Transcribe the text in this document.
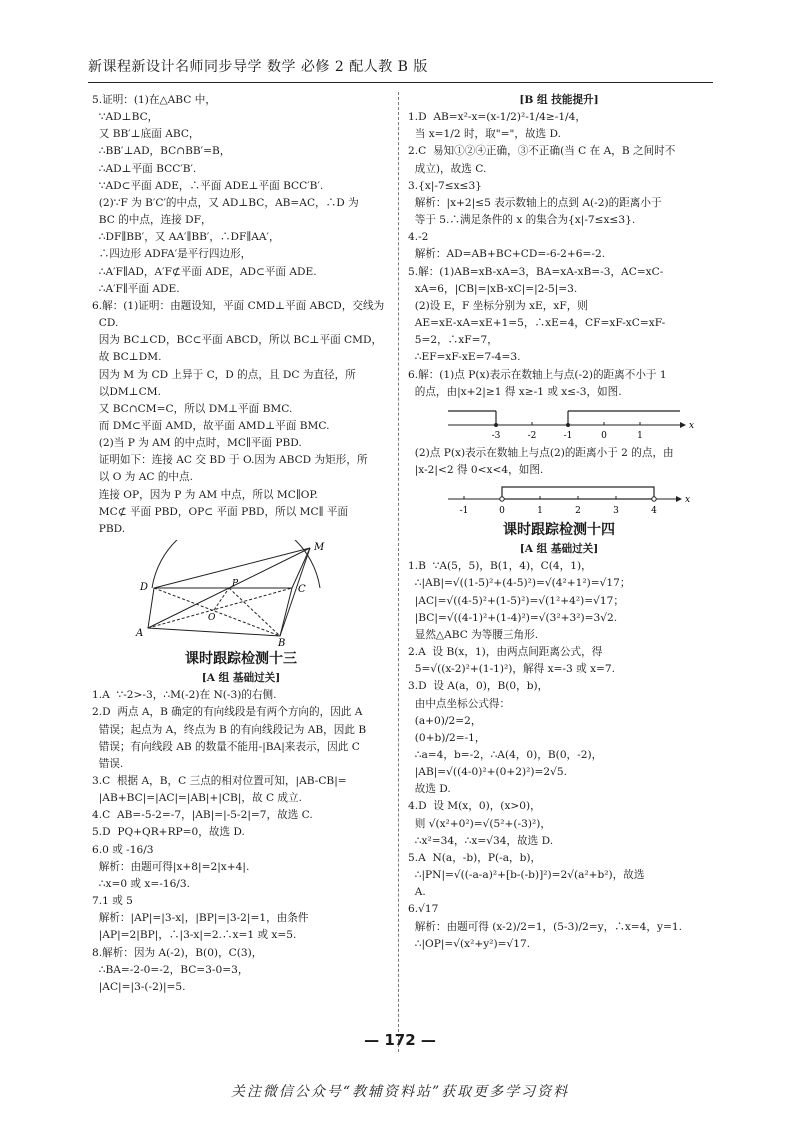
新课程新设计名师同步导学 数学 必修 2 配人教 B 版
5.证明：(1)在△ABC 中，
∵AD⊥BC，
又 BB′⊥底面 ABC，
∴BB′⊥AD，BC∩BB′=B，
∴AD⊥平面 BCC′B′.
∵AD⊂平面 ADE，∴平面 ADE⊥平面 BCC′B′.
(2)∵F 为 B′C′的中点，又 AD⊥BC，AB=AC，∴D 为
BC 的中点，连接 DF，
∴DF∥BB′，又 AA′∥BB′，∴DF∥AA′，
∴四边形 ADFA′是平行四边形，
∴A′F∥AD，A′F⊄平面 ADE，AD⊂平面 ADE.
∴A′F∥平面 ADE.
6.解：(1)证明：由题设知，平面 CMD⊥平面 ABCD，交线为
CD.
因为 BC⊥CD，BC⊂平面 ABCD，所以 BC⊥平面 CMD，
故 BC⊥DM.
因为 M 为 CD 上异于 C，D 的点，且 DC 为直径，所
以DM⊥CM.
又 BC∩CM=C，所以 DM⊥平面 BMC.
而 DM⊂平面 AMD，故平面 AMD⊥平面 BMC.
(2)当 P 为 AM 的中点时，MC∥平面 PBD.
证明如下：连接 AC 交 BD 于 O.因为 ABCD 为矩形，所
以 O 为 AC 的中点.
连接 OP，因为 P 为 AM 中点，所以 MC∥OP.
MC⊄ 平面 PBD，OP⊂ 平面 PBD，所以 MC∥ 平面
PBD.
M
D	C
P
O
A
B
课时跟踪检测十三
[A 组 基础过关]
1.A  ∵-2>-3，∴M(-2)在 N(-3)的右侧.
2.D  两点 A，B 确定的有向线段是有两个方向的，因此 A
错误；起点为 A，终点为 B 的有向线段记为 AB，因此 B
错误；有向线段 AB 的数量不能用-|BA|来表示，因此 C
错误.
3.C  根据 A，B，C 三点的相对位置可知，|AB-CB|=
|AB+BC|=|AC|=|AB|+|CB|，故 C 成立.
4.C  AB=-5-2=-7，|AB|=|-5-2|=7，故选 C.
5.D  PQ+QR+RP=0，故选 D.
6.0 或 -16/3
解析：由题可得|x+8|=2|x+4|.
∴x=0 或 x=-16/3.
7.1 或 5
解析：|AP|=|3-x|，|BP|=|3-2|=1，由条件
|AP|=2|BP|，∴|3-x|=2.∴x=1 或 x=5.
8.解析：因为 A(-2)，B(0)，C(3)，
∴BA=-2-0=-2，BC=3-0=3，
|AC|=|3-(-2)|=5.
[B 组 技能提升]
1.D  AB=x²-x=(x-1/2)²-1/4≥-1/4，
当 x=1/2 时，取"="，故选 D.
2.C  易知①②④正确，③不正确(当 C 在 A，B 之间时不
成立)，故选 C.
3.{x|-7≤x≤3}
解析：|x+2|≤5 表示数轴上的点到 A(-2)的距离小于
等于 5.∴满足条件的 x 的集合为{x|-7≤x≤3}.
4.-2
解析：AD=AB+BC+CD=-6-2+6=-2.
5.解：(1)AB=xB-xA=3，BA=xA-xB=-3，AC=xC-
xA=6，|CB|=|xB-xC|=|2-5|=3.
(2)设 E，F 坐标分别为 xE，xF，则
AE=xE-xA=xE+1=5，∴xE=4，CF=xF-xC=xF-
5=2，∴xF=7，
∴EF=xF-xE=7-4=3.
6.解：(1)点 P(x)表示在数轴上与点(-2)的距离不小于 1
的点，由|x+2|≥1 得 x≥-1 或 x≤-3，如图.
x
-3	-2	-1	0	1
(2)点 P(x)表示在数轴上与点(2)的距离小于 2 的点，由
|x-2|<2 得 0<x<4，如图.
x
-1	0	1	2	3	4
课时跟踪检测十四
[A 组 基础过关]
1.B  ∵A(5，5)，B(1，4)，C(4，1)，
∴|AB|=√((1-5)²+(4-5)²)=√(4²+1²)=√17；
|AC|=√((4-5)²+(1-5)²)=√(1²+4²)=√17；
|BC|=√((4-1)²+(1-4)²)=√(3²+3²)=3√2.
显然△ABC 为等腰三角形.
2.A  设 B(x，1)，由两点间距离公式，得
5=√((x-2)²+(1-1)²)，解得 x=-3 或 x=7.
3.D  设 A(a，0)，B(0，b)，
由中点坐标公式得：
(a+0)/2=2，
(0+b)/2=-1，
∴a=4，b=-2，∴A(4，0)，B(0，-2)，
|AB|=√((4-0)²+(0+2)²)=2√5.
故选 D.
4.D  设 M(x，0)，(x>0)，
则 √(x²+0²)=√(5²+(-3)²)，
∴x²=34，∴x=√34，故选 D.
5.A  N(a，-b)，P(-a，b)，
∴|PN|=√((-a-a)²+[b-(-b)]²)=2√(a²+b²)，故选
A.
6.√17
解析：由题可得 (x-2)/2=1，(5-3)/2=y，∴x=4，y=1.
∴|OP|=√(x²+y²)=√17.
— 172 —
关注微信公众号“教辅资料站”获取更多学习资料
